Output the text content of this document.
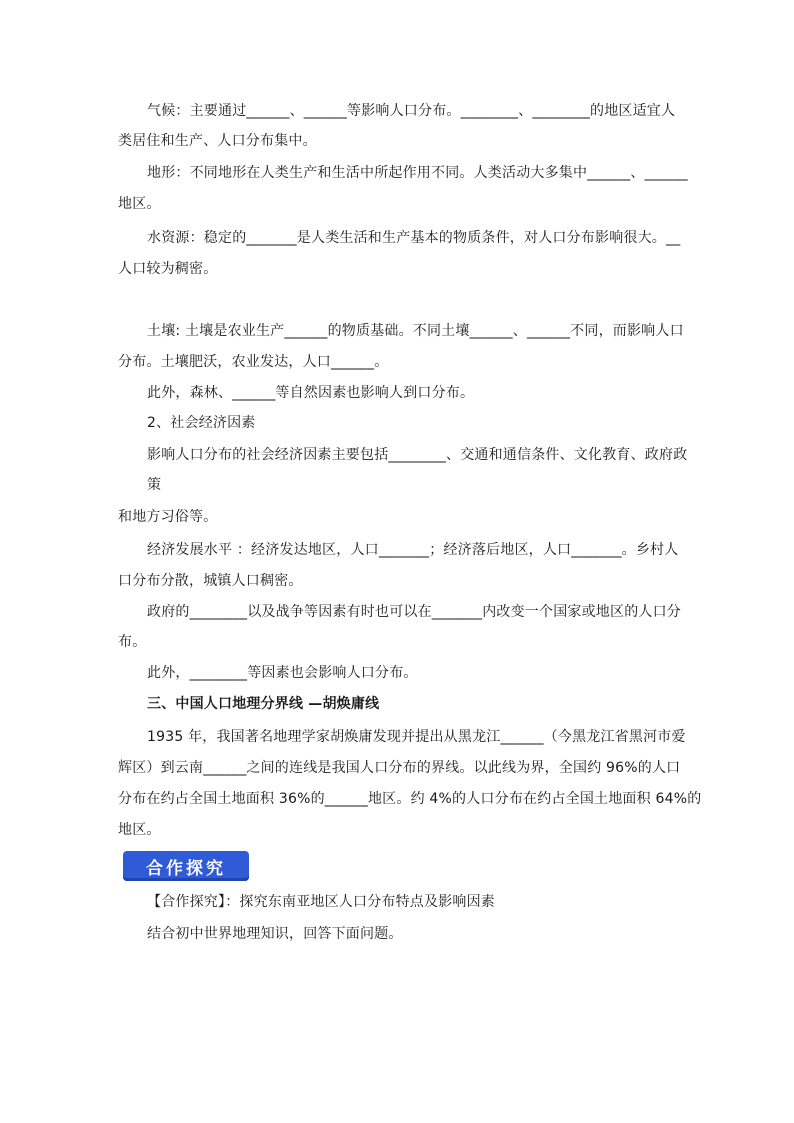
气候：主要通过______、______等影响人口分布。________、________的地区适宜人
类居住和生产、人口分布集中。
地形：不同地形在人类生产和生活中所起作用不同。人类活动大多集中______、______
地区。
水资源：稳定的_______是人类生活和生产基本的物质条件，对人口分布影响很大。__
人口较为稠密。
土壤: 土壤是农业生产______的物质基础。不同土壤______、______不同，而影响人口
分布。土壤肥沃，农业发达，人口______。
此外，森林、______等自然因素也影响人到口分布。
2、社会经济因素
影响人口分布的社会经济因素主要包括________、交通和通信条件、文化教育、政府政
策
和地方习俗等。
经济发展水平 ：经济发达地区，人口_______；经济落后地区，人口_______。乡村人
口分布分散，城镇人口稠密。
政府的________以及战争等因素有时也可以在_______内改变一个国家或地区的人口分
布。
此外，________等因素也会影响人口分布。
三、中国人口地理分界线 —胡焕庸线
1935 年，我国著名地理学家胡焕庸发现并提出从黑龙江______（今黑龙江省黑河市爱
辉区）到云南______之间的连线是我国人口分布的界线。以此线为界，全国约 96%的人口
分布在约占全国土地面积 36%的______地区。约 4%的人口分布在约占全国土地面积 64%的
地区。
合作探究
【合作探究】：探究东南亚地区人口分布特点及影响因素
结合初中世界地理知识，回答下面问题。
